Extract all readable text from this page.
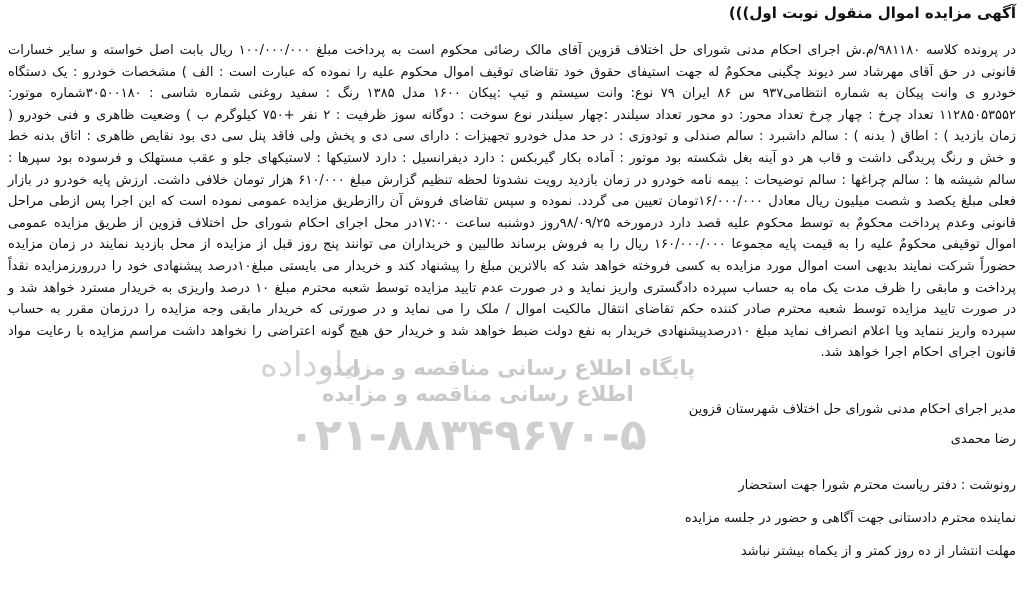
ماوداده
پایگاه اطلاع رسانی مناقصه و مزایده
اطلاع رسانی مناقصه و مزایده
۰۲۱-۸۸۳۴۹۶۷۰-۵
آگهی مزایده اموال منقول نوبت اول)))
در پرونده کلاسه ۹۸۱۱۸۰/م.ش اجرای احکام مدنی شورای حل اختلاف قزوین آقای مالک رضائی محکوم است به پرداخت مبلغ ۱۰۰/۰۰۰/۰۰۰ ریال بابت اصل خواسته و سایر خسارات قانونی در حق آقای مهرشاد سر دیوند چگینی محکومٌ له جهت استیفای حقوق خود تقاضای توقیف اموال محکوم علیه را نموده که عبارت است : الف ) مشخصات خودرو : یک دستگاه خودرو ی وانت پیکان به شماره انتظامی۹۳۷ س ۸۶ ایران ۷۹ نوع: وانت سیستم و تیپ :پیکان ۱۶۰۰ مدل ۱۳۸۵ رنگ : سفید روغنی شماره شاسی : ۳۰۵۰۰۱۸۰شماره موتور: ۱۱۲۸۵۰۵۳۵۵۲ تعداد چرخ : چهار چرخ تعداد محور: دو محور تعداد سیلندر :چهار سیلندر نوع سوخت : دوگانه سوز ظرفیت : ۲ نفر +۷۵۰ کیلوگرم ب ) وضعیت ظاهری و فنی خودرو ( زمان بازدید ) : اطاق ( بدنه ) : سالم داشبرد : سالم صندلی و تودوزی : در حد مدل خودرو تجهیزات : دارای سی دی و پخش ولی فاقد پنل سی دی بود نقایص ظاهری : اتاق بدنه خط و خش و رنگ پریدگی داشت و قاب هر دو آینه بغل شکسته بود موتور : آماده بکار گیربکس : دارد دیفرانسیل : دارد لاستیکها : لاستیکهای جلو و عقب مستهلک و فرسوده بود سپرها : سالم شیشه ها : سالم چراغها : سالم توضیحات : بیمه نامه خودرو در زمان بازدید رویت نشدوتا لحظه تنظیم گزارش مبلغ ۶۱۰/۰۰۰ هزار تومان خلافی داشت. ارزش پایه خودرو در بازار فعلی مبلغ یکصد و شصت میلیون ریال معادل ۱۶/۰۰۰/۰۰۰تومان تعیین می گردد. نموده و سپس تقاضای فروش آن رااز‌طریق مزایده عمومی نموده است که این اجرا پس ازطی مراحل قانونی وعدم پرداخت محکومٌ به توسط محکوم علیه قصد دارد درمورخه ۹۸/۰۹/۲۵روز دوشنبه ساعت ۱۷:۰۰در محل اجرای احکام شورای حل اختلاف قزوین از طریق مزایده عمومی اموال توقیفی محکومٌ علیه را به قیمت پایه مجموعا ۱۶۰/۰۰۰/۰۰۰ ریال را به فروش برساند طالبین و خریداران می توانند پنج روز قبل از مزایده از محل بازدید نمایند در زمان مزایده حضوراً شرکت نمایند بدیهی است اموال مورد مزایده به کسی فروخته خواهد شد که بالاترین مبلغ را پیشنهاد کند و خریدار می بایستی مبلغ۱۰درصد پیشنهادی خود را دررورزمزایده نقداً پرداخت و مابقی را ظرف مدت یک ماه به حساب سپرده دادگستری واریز نماید و در صورت عدم تایید مزایده توسط شعبه محترم مبلغ ۱۰ درصد واریزی به خریدار مسترد خواهد شد و در صورت تایید مزایده توسط شعبه محترم صادر کننده حکم تقاضای انتقال مالکیت اموال / ملک را می نماید و در صورتی که خریدار مابقی وجه مزایده را درزمان مقرر به حساب سپرده واریز ننماید ویا اعلام انصراف نماید مبلغ ۱۰درصدپیشنهادی خریدار به نفع دولت ضبط خواهد شد و خریدار حق هیچ گونه اعتراضی را نخواهد داشت مراسم مزایده با رعایت مواد قانون اجرای احکام اجرا خواهد شد.
مدیر اجرای احکام مدنی شورای حل اختلاف شهرستان قزوین
رضا محمدی
رونوشت : دفتر ریاست محترم شورا جهت استحضار
نماینده محترم دادستانی جهت آگاهی و حضور در جلسه مزایده
مهلت انتشار از ده روز کمتر و از یکماه بیشتر نباشد
